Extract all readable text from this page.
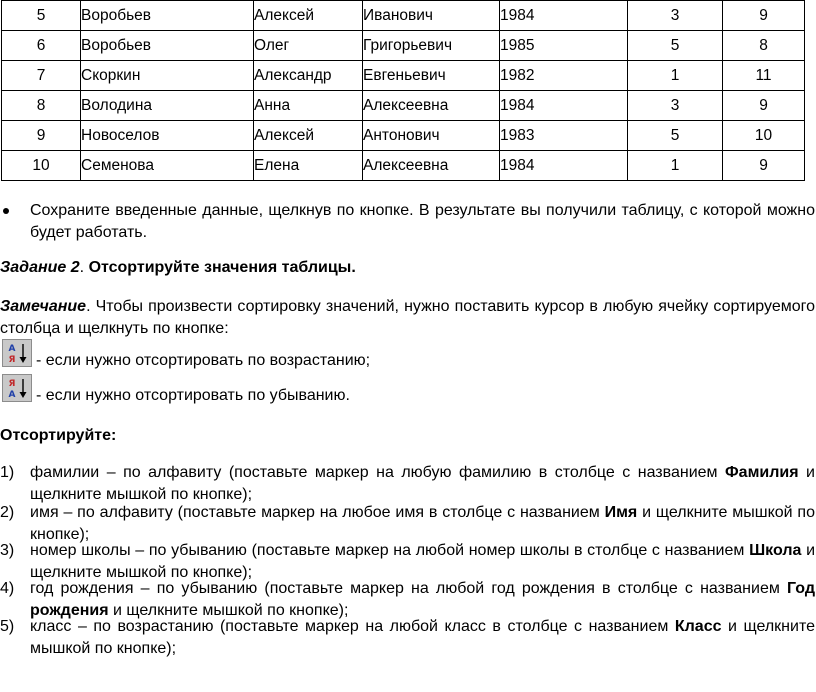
5	Воробьев	Алексей	Иванович	1984	3	9
6	Воробьев	Олег	Григорьевич	1985	5	8
7	Скоркин	Александр	Евгеньевич	1982	1	11
8	Володина	Анна	Алексеевна	1984	3	9
9	Новоселов	Алексей	Антонович	1983	5	10
10	Семенова	Елена	Алексеевна	1984	1	9
Сохраните введенные данные, щелкнув по кнопке. В результате вы получили таблицу, с которой можно будет работать.
Задание 2. Отсортируйте значения таблицы.
Замечание. Чтобы произвести сортировку значений, нужно поставить курсор в любую ячейку сортируемого столбца и щелкнуть по кнопке:
А
Я - если нужно отсортировать по возрастанию;
Я
А - если нужно отсортировать по убыванию.
Отсортируйте:
1) фамилии – по алфавиту (поставьте маркер на любую фамилию в столбце с названием Фамилия и щелкните мышкой по кнопке);
2) имя – по алфавиту (поставьте маркер на любое имя в столбце с названием Имя и щелкните мышкой по кнопке);
3) номер школы – по убыванию (поставьте маркер на любой номер школы в столбце с названием Школа и щелкните мышкой по кнопке);
4) год рождения – по убыванию (поставьте маркер на любой год рождения в столбце с названием Год рождения и щелкните мышкой по кнопке);
5) класс – по возрастанию (поставьте маркер на любой класс в столбце с названием Класс и щелкните мышкой по кнопке);
